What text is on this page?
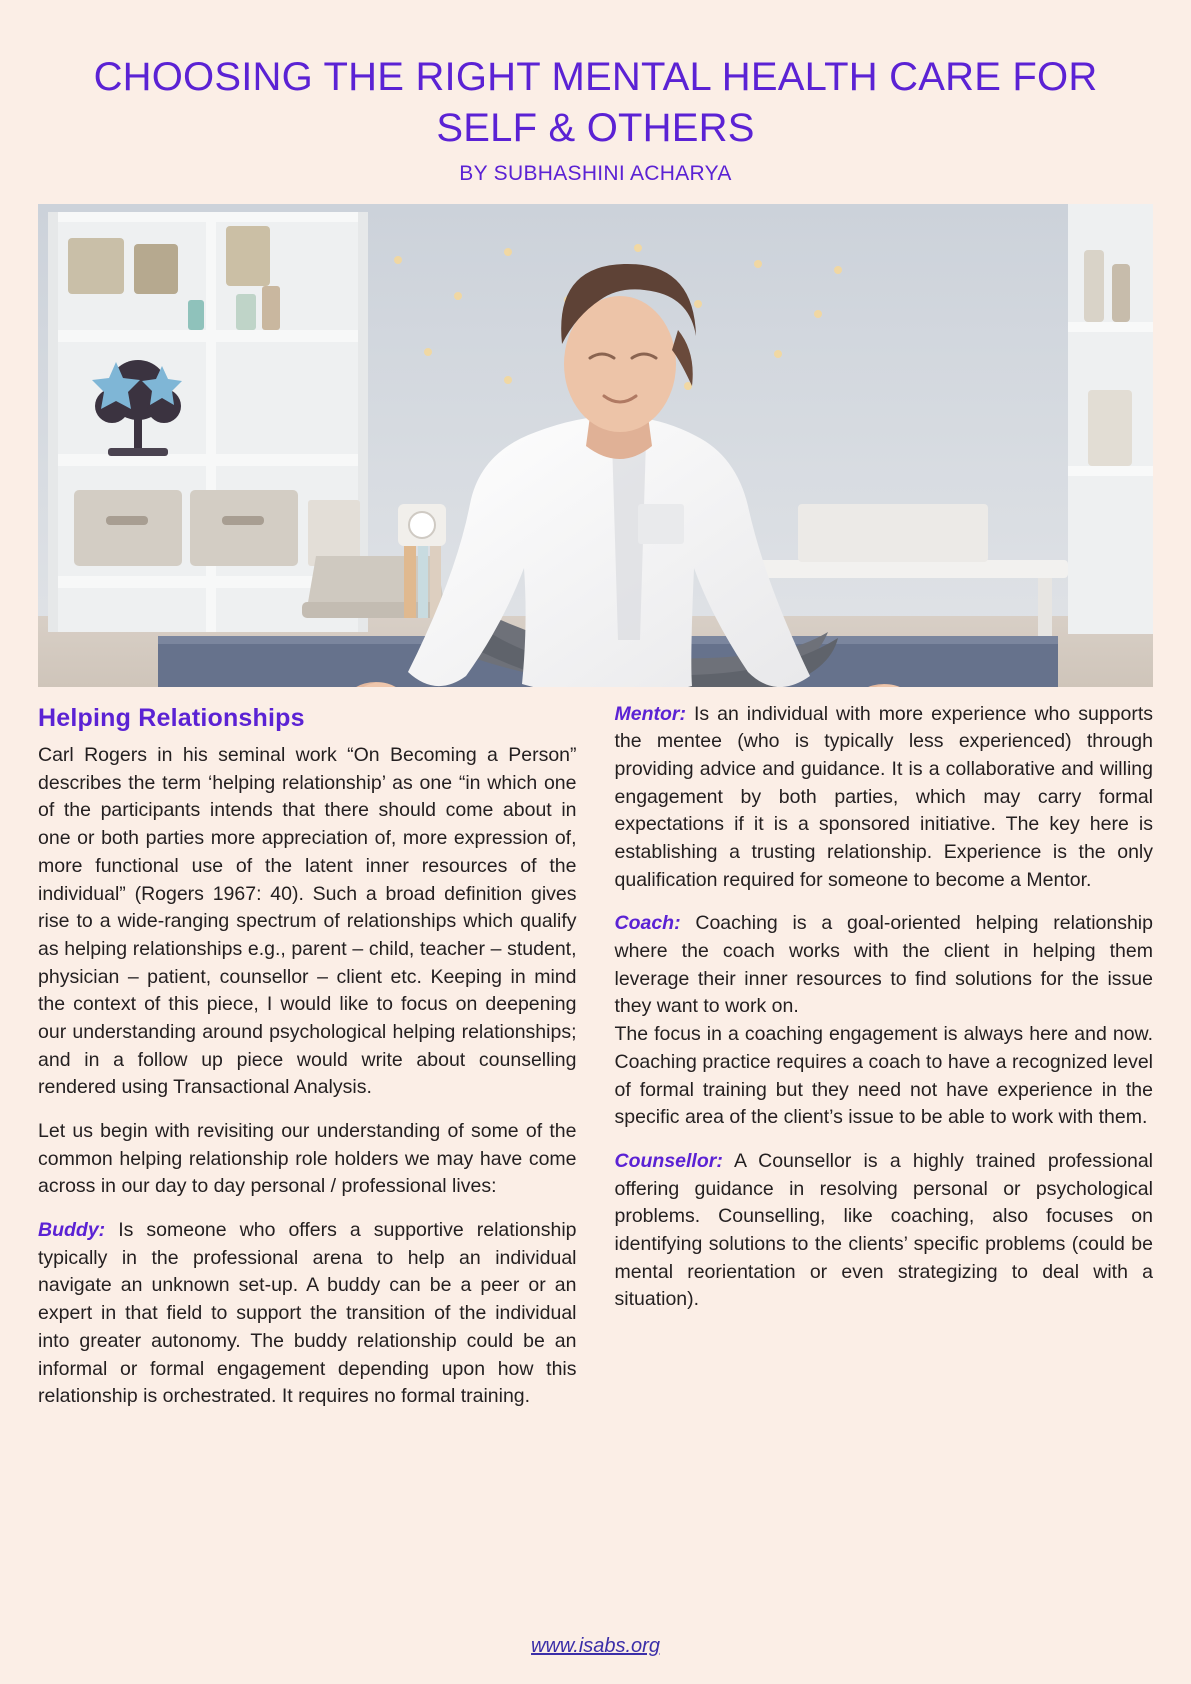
CHOOSING THE RIGHT MENTAL HEALTH CARE FOR SELF & OTHERS
BY SUBHASHINI ACHARYA
Helping Relationships

Carl Rogers in his seminal work “On Becoming a Person” describes the term ‘helping relationship’ as one “in which one of the participants intends that there should come about in one or both parties more appreciation of, more expression of, more functional use of the latent inner resources of the individual” (Rogers 1967: 40). Such a broad definition gives rise to a wide-ranging spectrum of relationships which qualify as helping relationships e.g., parent – child, teacher – student, physician – patient, counsellor – client etc. Keeping in mind the context of this piece, I would like to focus on deepening our understanding around psychological helping relationships; and in a follow up piece would write about counselling rendered using Transactional Analysis.

Let us begin with revisiting our understanding of some of the common helping relationship role holders we may have come across in our day to day personal / professional lives:

Buddy: Is someone who offers a supportive relationship typically in the professional arena to help an individual navigate an unknown set-up. A buddy can be a peer or an expert in that field to support the transition of the individual into greater autonomy. The buddy relationship could be an informal or formal engagement depending upon how this relationship is orchestrated. It requires no formal training.

Mentor: Is an individual with more experience who supports the mentee (who is typically less experienced) through providing advice and guidance. It is a collaborative and willing engagement by both parties, which may carry formal expectations if it is a sponsored initiative. The key here is establishing a trusting relationship. Experience is the only qualification required for someone to become a Mentor.

Coach: Coaching is a goal-oriented helping relationship where the coach works with the client in helping them leverage their inner resources to find solutions for the issue they want to work on.

The focus in a coaching engagement is always here and now. Coaching practice requires a coach to have a recognized level of formal training but they need not have experience in the specific area of the client’s issue to be able to work with them.

Counsellor: A Counsellor is a highly trained professional offering guidance in resolving personal or psychological problems. Counselling, like coaching, also focuses on identifying solutions to the clients’ specific problems (could be mental reorientation or even strategizing to deal with a situation).

www.isabs.org
